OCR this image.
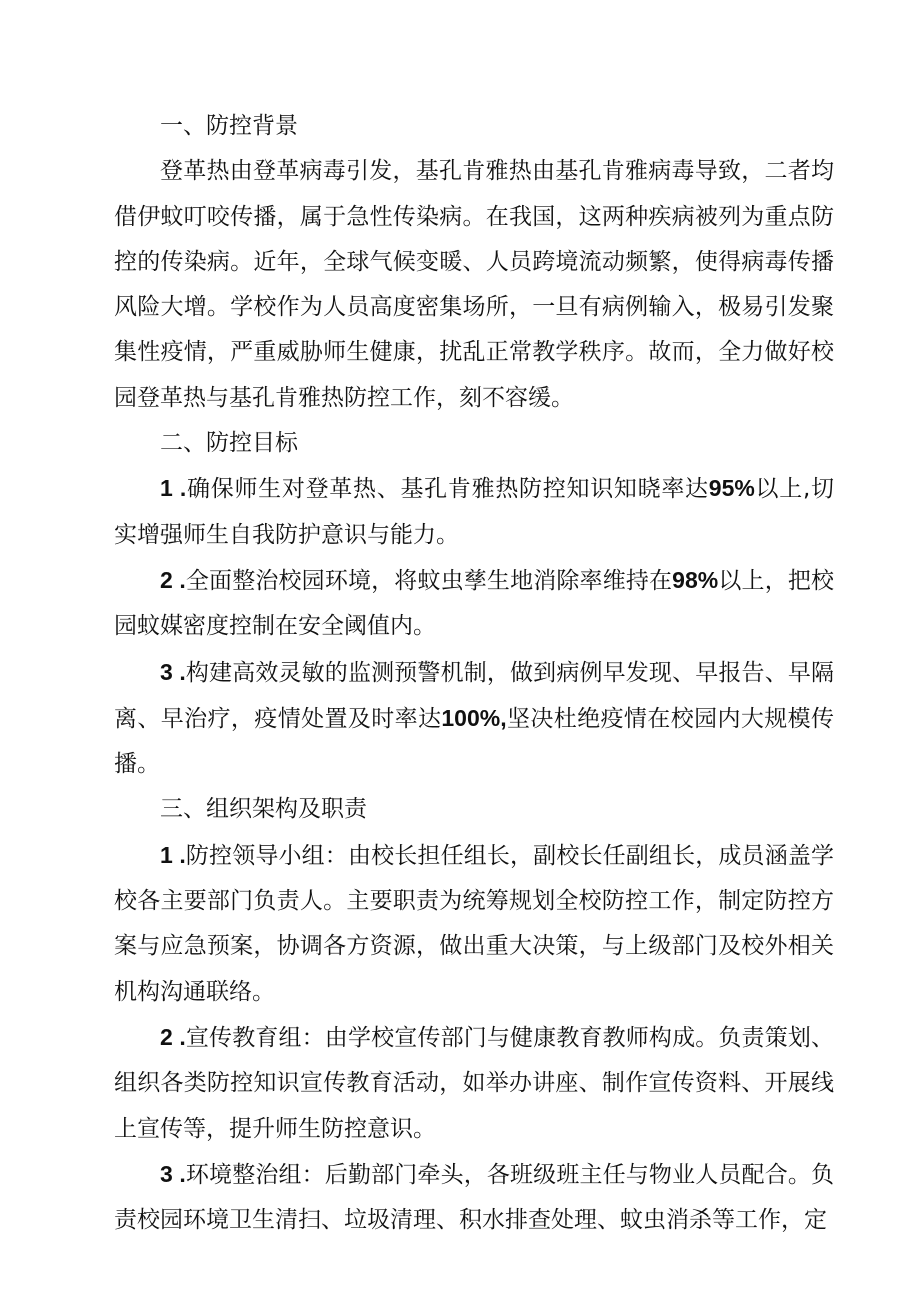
一、防控背景

登革热由登革病毒引发，基孔肯雅热由基孔肯雅病毒导致，二者均借伊蚊叮咬传播，属于急性传染病。在我国，这两种疾病被列为重点防控的传染病。近年，全球气候变暖、人员跨境流动频繁，使得病毒传播风险大增。学校作为人员高度密集场所，一旦有病例输入，极易引发聚集性疫情，严重威胁师生健康，扰乱正常教学秩序。故而，全力做好校园登革热与基孔肯雅热防控工作，刻不容缓。

二、防控目标

1 .确保师生对登革热、基孔肯雅热防控知识知晓率达95%以上,切实增强师生自我防护意识与能力。

2 .全面整治校园环境，将蚊虫孳生地消除率维持在98%以上，把校园蚊媒密度控制在安全阈值内。

3 .构建高效灵敏的监测预警机制，做到病例早发现、早报告、早隔离、早治疗，疫情处置及时率达100%,坚决杜绝疫情在校园内大规模传播。

三、组织架构及职责

1 .防控领导小组：由校长担任组长，副校长任副组长，成员涵盖学校各主要部门负责人。主要职责为统筹规划全校防控工作，制定防控方案与应急预案，协调各方资源，做出重大决策，与上级部门及校外相关机构沟通联络。

2 .宣传教育组：由学校宣传部门与健康教育教师构成。负责策划、组织各类防控知识宣传教育活动，如举办讲座、制作宣传资料、开展线上宣传等，提升师生防控意识。

3 .环境整治组：后勤部门牵头，各班级班主任与物业人员配合。负责校园环境卫生清扫、垃圾清理、积水排查处理、蚊虫消杀等工作，定
